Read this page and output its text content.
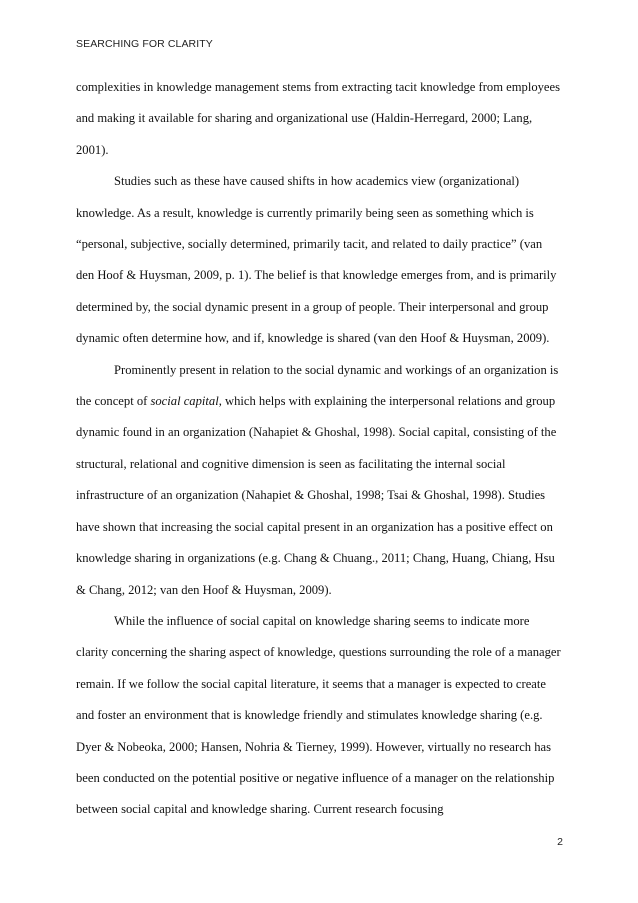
SEARCHING FOR CLARITY

complexities in knowledge management stems from extracting tacit knowledge from employees and making it available for sharing and organizational use (Haldin-Herregard, 2000; Lang, 2001).

Studies such as these have caused shifts in how academics view (organizational) knowledge. As a result, knowledge is currently primarily being seen as something which is “personal, subjective, socially determined, primarily tacit, and related to daily practice” (van den Hoof & Huysman, 2009, p. 1). The belief is that knowledge emerges from, and is primarily determined by, the social dynamic present in a group of people. Their interpersonal and group dynamic often determine how, and if, knowledge is shared (van den Hoof & Huysman, 2009).

Prominently present in relation to the social dynamic and workings of an organization is the concept of social capital, which helps with explaining the interpersonal relations and group dynamic found in an organization (Nahapiet & Ghoshal, 1998). Social capital, consisting of the structural, relational and cognitive dimension is seen as facilitating the internal social infrastructure of an organization (Nahapiet & Ghoshal, 1998; Tsai & Ghoshal, 1998). Studies have shown that increasing the social capital present in an organization has a positive effect on knowledge sharing in organizations (e.g. Chang & Chuang., 2011; Chang, Huang, Chiang, Hsu & Chang, 2012; van den Hoof & Huysman, 2009).

While the influence of social capital on knowledge sharing seems to indicate more clarity concerning the sharing aspect of knowledge, questions surrounding the role of a manager remain. If we follow the social capital literature, it seems that a manager is expected to create and foster an environment that is knowledge friendly and stimulates knowledge sharing (e.g. Dyer & Nobeoka, 2000; Hansen, Nohria & Tierney, 1999). However, virtually no research has been conducted on the potential positive or negative influence of a manager on the relationship between social capital and knowledge sharing. Current research focusing

2
